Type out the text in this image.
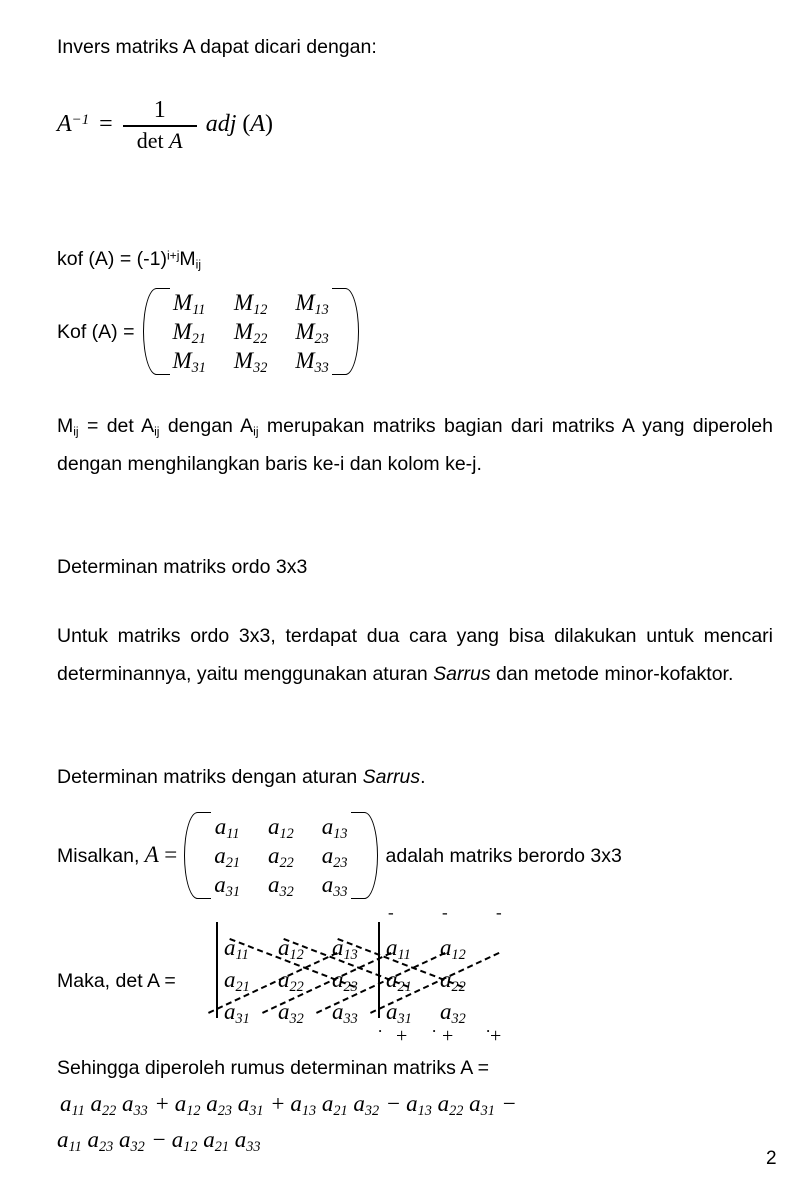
Invers matriks A dapat dicari dengan:
$A^{-1} = \frac{1}{\text{det A}}$ adj (A)
kof $(A) = (-1)^{i+j}M_{ij}$
Kof (A) =
$M_{11}$	$M_{12}$	$M_{13}$
$M_{21}$	$M_{22}$	$M_{23}$
$M_{31}$	$M_{32}$	$M_{33}$
$M_{ij} = \det A_{ij}$ dengan $A_{ij}$ merupakan matriks bagian dari matriks A yang diperoleh dengan menghilangkan baris ke-i dan kolom ke-j.
Determinan matriks ordo 3x3
Untuk matriks ordo 3x3, terdapat dua cara yang bisa dilakukan untuk mencari determinannya, yaitu menggunakan aturan Sarrus dan metode minor-kofaktor.
Determinan matriks dengan aturan Sarrus.
Misalkan, A =
$a_{11}$	$a_{12}$	$a_{13}$
$a_{21}$	$a_{22}$	$a_{23}$
$a_{31}$	$a_{32}$	$a_{33}$
adalah matriks berordo 3x3
Maka, det A =
-	-	-
$a_{11}$ $a_{12}$ $a_{13}$ $a_{11}$ $a_{12}$
$a_{21}$ $a_{22}$ $a_{23}$ $a_{21}$ $a_{22}$
$a_{31}$ $a_{32}$ $a_{33}$ $a_{31}$ $a_{32}$
.	.	.
+ + +
Sehingga diperoleh rumus determinan matriks A =
$a_{11}$ $a_{22}$ $a_{33} + a_{12}$ $a_{23}$ $a_{31} + a_{13}$ $a_{21}$ $a_{32} - a_{13}$ $a_{22}$ $a_{31}$ −
$a_{11}$ $a_{23}$ $a_{32} - a_{12}$ $a_{21}$ $a_{33}$
2
